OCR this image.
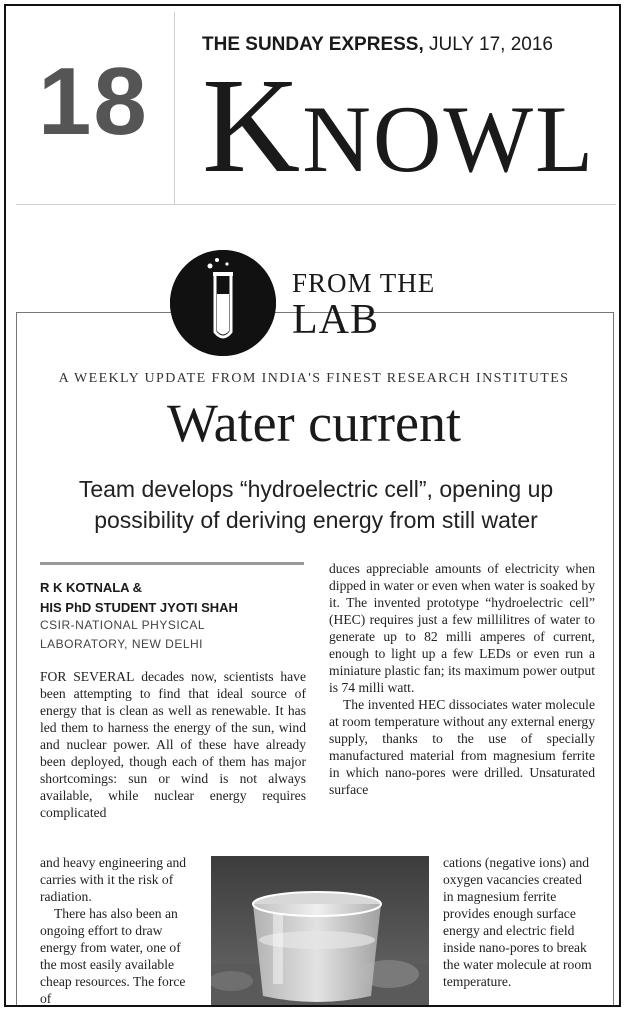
18
THE SUNDAY EXPRESS, JULY 17, 2016
Knowl
FROM THE
LAB
A WEEKLY UPDATE FROM INDIA'S FINEST RESEARCH INSTITUTES
Water current
Team develops “hydroelectric cell”, opening up
possibility of deriving energy from still water
R K KOTNALA &
HIS PhD STUDENT JYOTI SHAH
CSIR-NATIONAL PHYSICAL
LABORATORY, NEW DELHI

FOR SEVERAL decades now, scientists have been attempting to find that ideal source of energy that is clean as well as renewable. It has led them to harness the energy of the sun, wind and nuclear power. All of these have already been deployed, though each of them has major shortcomings: sun or wind is not always available, while nuclear energy requires complicated

and heavy engineering and carries with it the risk of radiation.

There has also been an ongoing effort to draw energy from water, one of the most easily available cheap resources. The force of

duces appreciable amounts of electricity when dipped in water or even when water is soaked by it. The invented prototype “hydroelectric cell” (HEC) requires just a few millilitres of water to generate up to 82 milli amperes of current, enough to light up a few LEDs or even run a miniature plastic fan; its maximum power output is 74 milli watt.

The invented HEC dissociates water molecule at room temperature without any external energy supply, thanks to the use of specially manufactured material from magnesium ferrite in which nano-pores were drilled. Unsaturated surface

cations (negative ions) and oxygen vacancies created in magnesium ferrite provides enough surface energy and electric field inside nano-pores to break the water molecule at room temperature.
